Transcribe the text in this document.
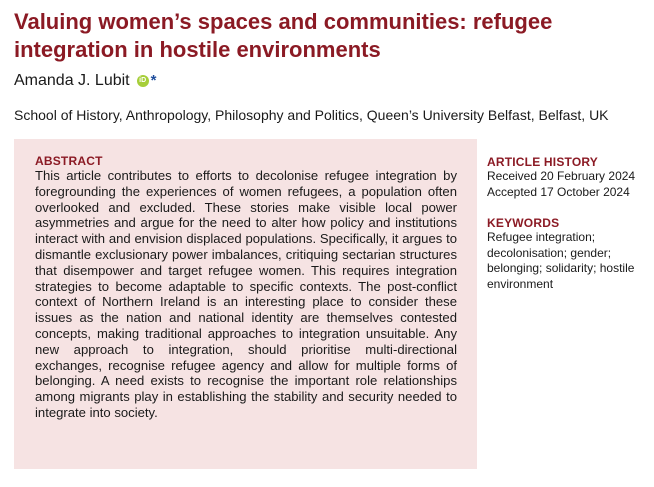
Valuing women’s spaces and communities: refugee integration in hostile environments
Amanda J. Lubit	iD *
School of History, Anthropology, Philosophy and Politics, Queen’s University Belfast, Belfast, UK
ABSTRACT

This article contributes to efforts to decolonise refugee integration by foregrounding the experiences of women refugees, a population often overlooked and excluded. These stories make visible local power asymmetries and argue for the need to alter how policy and institutions interact with and envision displaced populations. Specifically, it argues to dismantle exclusionary power imbalances, critiquing sectarian structures that disempower and target refugee women. This requires integration strategies to become adaptable to specific contexts. The post-conflict context of Northern Ireland is an interesting place to consider these issues as the nation and national identity are themselves contested concepts, making traditional approaches to integration unsuitable. Any new approach to integration, should prioritise multi-directional exchanges, recognise refugee agency and allow for multiple forms of belonging. A need exists to recognise the important role relationships among migrants play in establishing the stability and security needed to integrate into society.

ARTICLE HISTORY
Received 20 February 2024
Accepted 17 October 2024
KEYWORDS
Refugee integration; decolonisation; gender; belonging; solidarity; hostile environment
